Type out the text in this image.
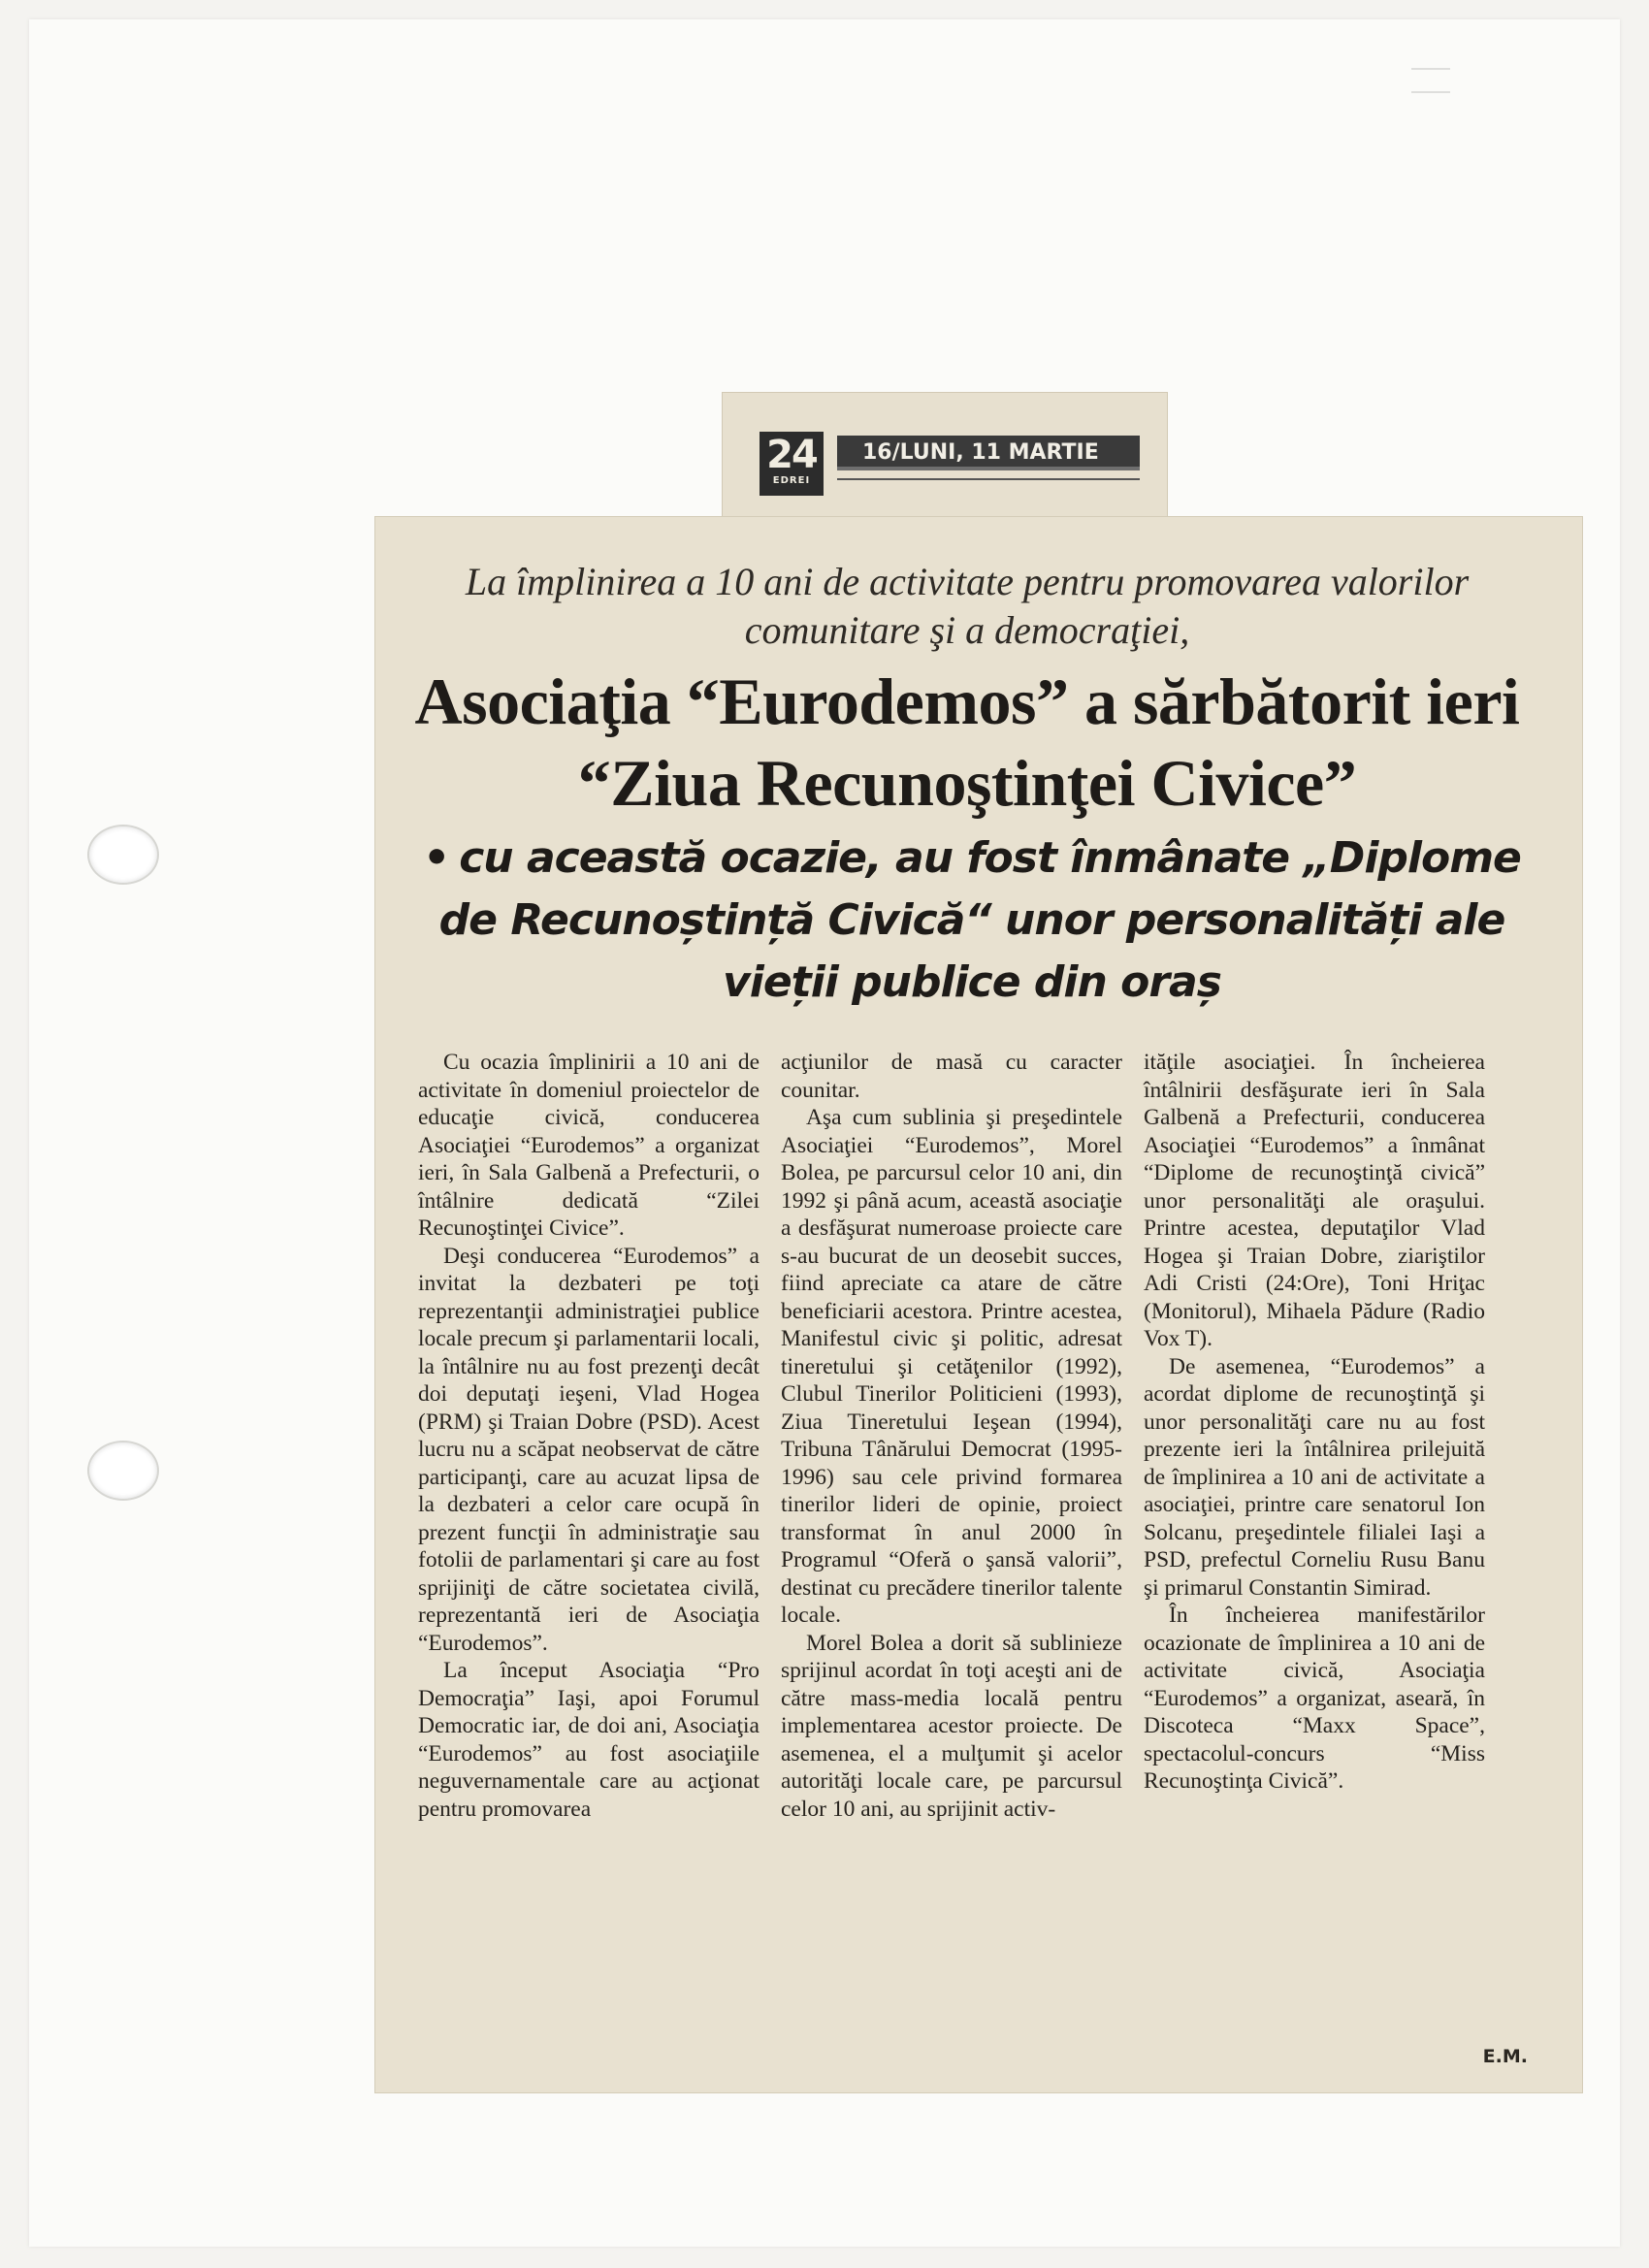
24
EDREI
16/LUNI, 11 MARTIE
La împlinirea a 10 ani de activitate pentru promovarea valorilor comunitare şi a democraţiei,
Asociaţia “Eurodemos” a sărbătorit ieri “Ziua Recunoştinţei Civice”
• cu această ocazie, au fost înmânate „Diplome de Recunoștință Civică“ unor personalități ale vieții publice din oraș

Cu ocazia împlinirii a 10 ani de activitate în domeniul proiectelor de educaţie civică, conducerea Asociaţiei “Eurodemos” a organizat ieri, în Sala Galbenă a Prefecturii, o întâlnire dedicată “Zilei Recunoştinţei Civice”.

Deşi conducerea “Eurodemos” a invitat la dezbateri pe toţi reprezentanţii administraţiei publice locale precum şi parlamentarii locali, la întâlnire nu au fost prezenţi decât doi deputaţi ieşeni, Vlad Hogea (PRM) şi Traian Dobre (PSD). Acest lucru nu a scăpat neobservat de către participanţi, care au acuzat lipsa de la dezbateri a celor care ocupă în prezent funcţii în administraţie sau fotolii de parlamentari şi care au fost sprijiniţi de către societatea civilă, reprezentantă ieri de Asociaţia “Eurodemos”.

La început Asociaţia “Pro Democraţia” Iaşi, apoi Forumul Democratic iar, de doi ani, Asociaţia “Eurodemos” au fost asociaţiile neguvernamentale care au acţionat pentru promovarea

acţiunilor de masă cu caracter counitar.

Aşa cum sublinia şi preşedintele Asociaţiei “Eurodemos”, Morel Bolea, pe parcursul celor 10 ani, din 1992 şi până acum, această asociaţie a desfăşurat numeroase proiecte care s-au bucurat de un deosebit succes, fiind apreciate ca atare de către beneficiarii acestora. Printre acestea, Manifestul civic şi politic, adresat tineretului şi cetăţenilor (1992), Clubul Tinerilor Politicieni (1993), Ziua Tineretului Ieşean (1994), Tribuna Tânărului Democrat (1995-1996) sau cele privind formarea tinerilor lideri de opinie, proiect transformat în anul 2000 în Programul “Oferă o şansă valorii”, destinat cu precădere tinerilor talente locale.

Morel Bolea a dorit să sublinieze sprijinul acordat în toţi aceşti ani de către mass-media locală pentru implementarea acestor proiecte. De asemenea, el a mulţumit şi acelor autorităţi locale care, pe parcursul celor 10 ani, au sprijinit activ-

ităţile asociaţiei. În încheierea întâlnirii desfăşurate ieri în Sala Galbenă a Prefecturii, conducerea Asociaţiei “Eurodemos” a înmânat “Diplome de recunoştinţă civică” unor personalităţi ale oraşului. Printre acestea, deputaţilor Vlad Hogea şi Traian Dobre, ziariştilor Adi Cristi (24:Ore), Toni Hriţac (Monitorul), Mihaela Pădure (Radio Vox T).

De asemenea, “Eurodemos” a acordat diplome de recunoştinţă şi unor personalităţi care nu au fost prezente ieri la întâlnirea prilejuită de împlinirea a 10 ani de activitate a asociaţiei, printre care senatorul Ion Solcanu, preşedintele filialei Iaşi a PSD, prefectul Corneliu Rusu Banu şi primarul Constantin Simirad.

În încheierea manifestărilor ocazionate de împlinirea a 10 ani de activitate civică, Asociaţia “Eurodemos” a organizat, aseară, în Discoteca “Maxx Space”, spectacolul-concurs “Miss Recunoştinţa Civică”.

E.M.
